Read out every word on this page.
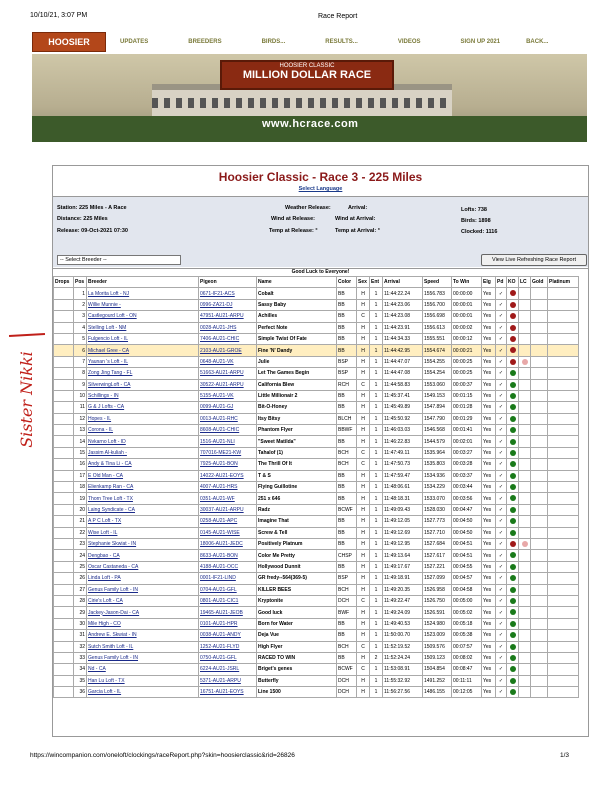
10/10/21, 3:07 PM	Race Report
HOOSIER	UPDATES	BREEDERS	BIRDS...	RESULTS...	VIDEOS	SIGN UP 2021	BACK...
HOOSIER CLASSIC
MILLION DOLLAR RACE
www.hcrace.com
Hoosier Classic - Race 3 - 225 Miles
Select Language
Station: 225 Miles - A Race
Distance: 225 Miles
Release: 09-Oct-2021 07:30
Weather Release:	Arrival:
Wind at Release:	Wind at Arrival:
Temp at Release: °	Temp at Arrival: °
Lofts: 738
Birds: 1898
Clocked: 1116
-- Select Breeder --	View Live Refreshing Race Report
Good Luck to Everyone!
Drops	Pos	Breeder	Pigeon	Name	Color	Sex	Ent	Arrival	Speed	To Win	Elg	Pd	KO	LC	Gold	Platinum
	1	La Morita Loft - NJ	0671-IF21-ACS	Cobalt	BB	H	1	11:44:22.24	1556.783	00:00:00	Yes	✓				
	2	Willie Munnie -	0996-ZA21-DJ	Sassy Baby	BB	H	1	11:44:23.06	1556.700	00:00:01	Yes	✓				
	3	Castlegourd Loft - ON	47951-AU21-ARPU	Achilles	BB	C	1	11:44:23.08	1556.698	00:00:01	Yes	✓				
	4	Stelling Loft - NM	0028-AU21-JHS	Perfect Note	BB	H	1	11:44:23.91	1556.613	00:00:02	Yes	✓				
	5	Fulgencio Loft - IL	7406-AU21-CHIC	Simple Twist Of Fate	BB	H	1	11:44:34.33	1555.551	00:00:12	Yes	✓				
	6	Michael Gree - CA	2103-AU21-GROE	Fine 'N' Dandy	BB	H	1	11:44:42.95	1554.674	00:00:21	Yes	✓				
	7	Yaunan 's Loft - IL	0648-AU21-VK	Julie	BSP	H	1	11:44:47.07	1554.255	00:00:25	Yes	✓				
	8	Zong Jing Tang - FL	51663-AU21-ARPU	Let The Games Begin	BSP	H	1	11:44:47.08	1554.254	00:00:25	Yes	✓				
	9	SilverwingLoft - CA	30522-AU21-ARPU	California Blew	RCH	C	1	11:44:58.83	1553.060	00:00:37	Yes	✓				
	10	Schillings - IN	5155-AU21-VK	Little Millionair 2	BB	H	1	11:45:37.41	1549.153	00:01:15	Yes	✓				
	11	G & J Lofts - CA	0099-AU21-GJ	Bit-O-Honey	BB	H	1	11:45:49.89	1547.894	00:01:28	Yes	✓				
	12	Hopes - IL	0013-AU21-RHC	Itsy Bitsy	BLCH	H	1	11:45:50.92	1547.790	00:01:29	Yes	✓				
	13	Corona - IL	8608-AU21-CHIC	Phantom Flyer	BBWF	H	1	11:46:03.03	1546.568	00:01:41	Yes	✓				
	14	Nvkarno Loft - ID	1516-AU21-NLI	"Sweet Matilda"	BB	H	1	11:46:22.83	1544.579	00:02:01	Yes	✓				
	15	Jassim Al-kuliah -	707016-ME21-KW	Tahalof (1)	BCH	C	1	11:47:49.11	1535.964	00:03:27	Yes	✓				
	16	Andy & Tina Li - CA	7925-AU21-BON	The Thrill Of It	BCH	C	1	11:47:50.73	1535.803	00:03:28	Yes	✓				
	17	E Old Man - CA	14022-AU21-EOYS	T & S	BB	H	1	11:47:59.47	1534.936	00:03:37	Yes	✓				
	18	Elienkamp Ran - CA	4007-AU21-HRS	Flying Guillotine	BB	H	1	11:48:06.61	1534.229	00:03:44	Yes	✓				
	19	Thorn Tree Loft - TX	0351-AU21-WF	251 x 646	BB	H	1	11:48:18.31	1533.070	00:03:56	Yes	✓				
	20	Laing Syndicate - CA	30037-AU21-ARPU	Radz	BCWF	H	1	11:49:09.43	1528.030	00:04:47	Yes	✓				
	21	A P C Loft - TX	0258-AU21-APC	Imagine That	BB	H	1	11:49:12.05	1527.773	00:04:50	Yes	✓				
	22	Wise Loft - IL	0145-AU21-WISE	Screw & Tell	BB	H	1	11:49:12.69	1527.710	00:04:50	Yes	✓				
	23	Stephanie Skwiat - IN	18006-AU21-JEDC	Positively Platnum	BB	H	1	11:49:12.95	1527.684	00:04:51	Yes	✓				
	24	Dengbao - CA	8633-AU21-BON	Color Me Pretty	CHSP	H	1	11:49:13.64	1527.617	00:04:51	Yes	✓				
	25	Oscar Castaneda - CA	4188-AU21-OCC	Hollywood Dunnit	BB	H	1	11:49:17.67	1527.221	00:04:55	Yes	✓				
	26	Linda Loft - PA	0001-IF21-LIND	GR fredy--564(369-5)	BSP	H	1	11:49:18.91	1527.099	00:04:57	Yes	✓				
	27	Genus Family Loft - IN	0704-AU21-GFL	KILLER BEES	BCH	H	1	11:49:20.35	1526.958	00:04:58	Yes	✓				
	28	Cirie's Loft - CA	0801-AU21-CIC1	Kryptonite	DCH	C	1	11:49:22.47	1526.750	00:05:00	Yes	✓				
	29	Jackey-Jason-Dai - CA	19465-AU21-JEOB	Good luck	BWF	H	1	11:49:24.09	1526.591	00:05:02	Yes	✓				
	30	Mile High - CO	0101-AU21-HPR	Born for Water	BB	H	1	11:49:40.53	1524.980	00:05:18	Yes	✓				
	31	Andrew E. Skwiat - IN	0038-AU21-ANDY	Deja Vue	BB	H	1	11:50:00.70	1523.009	00:05:38	Yes	✓				
	32	Sutch Smith Loft - IL	1252-AU21-FLYD	High Flyer	BCH	C	1	11:52:19.52	1509.576	00:07:57	Yes	✓				
	33	Genus Family Loft - IN	0750-AU21-GFL	RACED TO WIN	BB	H	2	11:52:24.24	1509.123	00:08:02	Yes	✓				
	34	Nd - CA	6224-AU21-JSRL	Briget's genes	BCWF	C	1	11:53:08.91	1504.854	00:08:47	Yes	✓				
	35	Han Lu Loft - TX	5371-AU21-ARPU	Butterfly	DCH	H	1	11:55:32.92	1491.252	00:11:11	Yes	✓				
	36	Garcia Loft - IL	16751-AU21-EOYS	Line 1500	DCH	H	1	11:56:27.56	1486.155	00:12:05	Yes	✓				
Sister Nikki
https://wincompanion.com/oneloft/clockings/raceReport.php?skin=hoosierclassic&rid=26826	1/3
